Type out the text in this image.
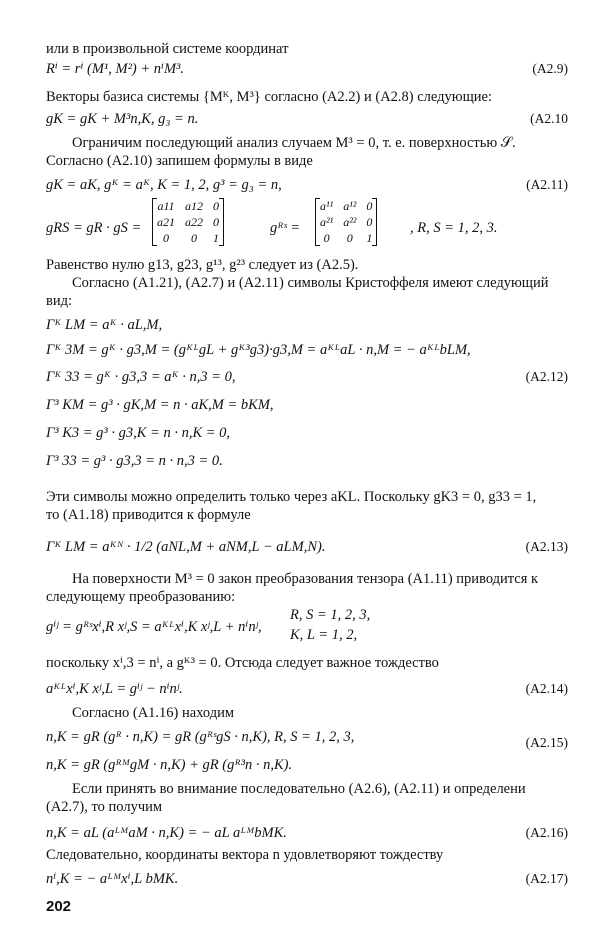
или в произвольной системе координат
Rⁱ = rⁱ (M¹, M²) + nⁱM³.	(A2.9)
Векторы базиса системы {Mᴷ, M³} согласно (A2.2) и (A2.8) следующие:
gK = gK + M³n,K, g₃ = n.	(A2.10
Ограничим последующий анализ случаем M³ = 0, т. е. поверхностью 𝒮.
Согласно (A2.10) запишем формулы в виде
gK = aK, gᴷ = aᴷ, K = 1, 2, g³ = g₃ = n,	(A2.11)
gRS = gR · gS =
a11	a12	0
a21	a22	0
0	0	1
gᴿˢ =
a¹¹	a¹²	0
a²¹	a²²	0
0	0	1
, R, S = 1, 2, 3.
Рaвенство нулю g13, g23, g¹³, g²³ следует из (A2.5).
Согласно (A1.21), (A2.7) и (A2.11) символы Кристоффеля имеют следующий
вид:
Γᴷ LM = aᴷ · aL,M,
Γᴷ 3M = gᴷ · g3,M = (gᴷᴸgL + gᴷ³g3)·g3,M = aᴷᴸaL · n,M = − aᴷᴸbLM,
Γᴷ 33 = gᴷ · g3,3 = aᴷ · n,3 = 0,	(A2.12)
Γ³ KM = g³ · gK,M = n · aK,M = bKM,
Γ³ K3 = g³ · g3,K = n · n,K = 0,
Γ³ 33 = g³ · g3,3 = n · n,3 = 0.
Эти символы можно определить только через aKL. Поскольку gK3 = 0, g33 = 1,
то (A1.18) приводится к формуле
Γᴷ LM = aᴷᴺ · 1/2 (aNL,M + aNM,L − aLM,N).	(A2.13)
На поверхности M³ = 0 закон преобразования тензора (A1.11) приводится к
следующему преобразованию:
gⁱʲ = gᴿˢxⁱ,R xʲ,S = aᴷᴸxⁱ,K xʲ,L + nⁱnʲ,
R, S = 1, 2, 3,
K, L = 1, 2,
поскольку xⁱ,3 = nⁱ, а gᴷ³ = 0. Отсюда следует важное тождество
aᴷᴸxⁱ,K xʲ,L = gⁱʲ − nⁱnʲ.	(A2.14)
Согласно (A1.16) находим
n,K = gR (gᴿ · n,K) = gR (gᴿˢgS · n,K), R, S = 1, 2, 3,	(A2.15)
n,K = gR (gᴿᴹgM · n,K) + gR (gᴿ³n · n,K).
Если принять во внимание последовательно (A2.6), (A2.11) и определени
(A2.7), то получим
n,K = aL (aᴸᴹaM · n,K) = − aL aᴸᴹbMK.	(A2.16)
Следовательно, координаты вектора n удовлетворяют тождеству
nⁱ,K = − aᴸᴹxⁱ,L bMK.	(A2.17)
202
